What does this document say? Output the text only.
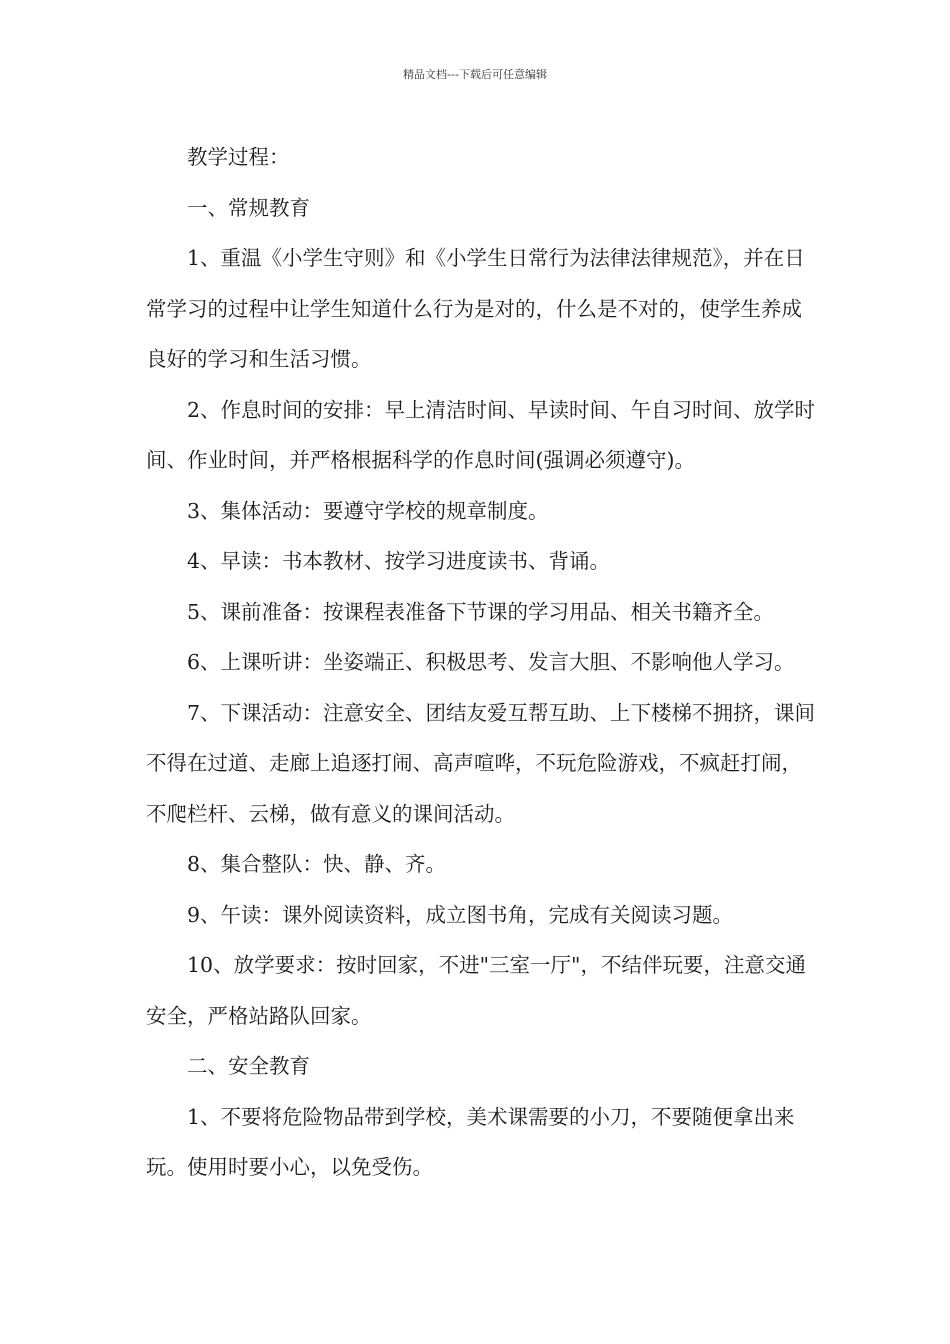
精品文档---下载后可任意编辑

教学过程：

一、常规教育

1、重温《小学生守则》和《小学生日常行为法律法律规范》，并在日常学习的过程中让学生知道什么行为是对的，什么是不对的，使学生养成良好的学习和生活习惯。

2、作息时间的安排：早上清洁时间、早读时间、午自习时间、放学时间、作业时间，并严格根据科学的作息时间(强调必须遵守)。

3、集体活动：要遵守学校的规章制度。

4、早读：书本教材、按学习进度读书、背诵。

5、课前准备：按课程表准备下节课的学习用品、相关书籍齐全。

6、上课听讲：坐姿端正、积极思考、发言大胆、不影响他人学习。

7、下课活动：注意安全、团结友爱互帮互助、上下楼梯不拥挤，课间不得在过道、走廊上追逐打闹、高声喧哗，不玩危险游戏，不疯赶打闹，不爬栏杆、云梯，做有意义的课间活动。

8、集合整队：快、静、齐。

9、午读：课外阅读资料，成立图书角，完成有关阅读习题。

10、放学要求：按时回家，不进"三室一厅"，不结伴玩要，注意交通安全，严格站路队回家。

二、安全教育

1、不要将危险物品带到学校，美术课需要的小刀，不要随便拿出来玩。使用时要小心，以免受伤。
